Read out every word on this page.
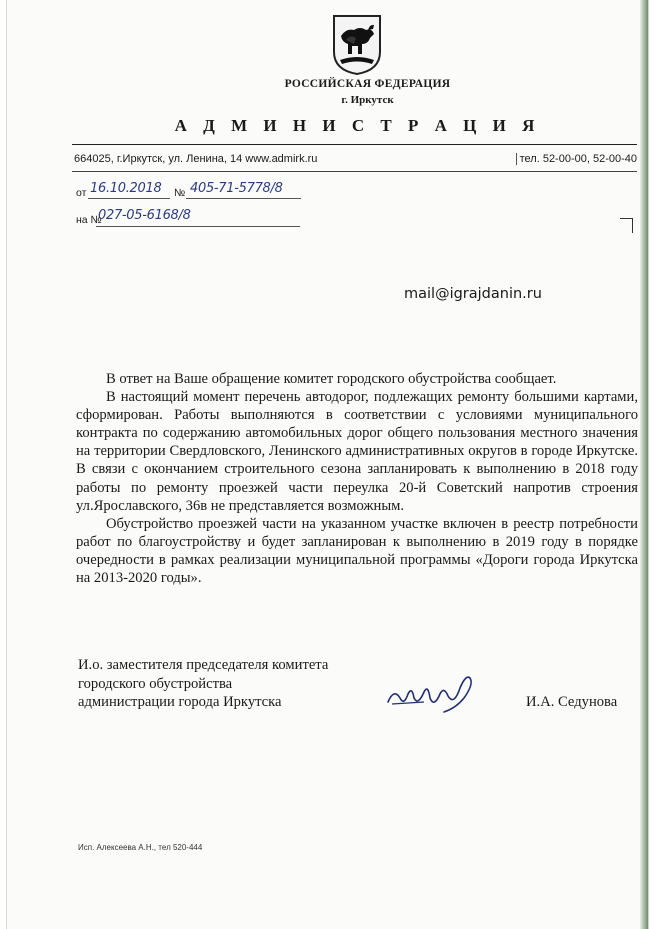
РОССИЙСКАЯ ФЕДЕРАЦИЯ
г. Иркутск
А Д М И Н И С Т Р А Ц И Я
664025, г.Иркутск, ул. Ленина, 14 www.admirk.ru	тел. 52-00-00, 52-00-40
от 16.10.2018 № 405-71-5778/8
на №
027-05-6168/8
mail@igrajdanin.ru

В ответ на Ваше обращение комитет городского обустройства сообщает.

В настоящий момент перечень автодорог, подлежащих ремонту большими картами, сформирован. Работы выполняются в соответствии с условиями муниципального контракта по содержанию автомобильных дорог общего пользования местного значения на территории Свердловского, Ленинского административных округов в городе Иркутске. В связи с окончанием строительного сезона запланировать к выполнению в 2018 году работы по ремонту проезжей части переулка 20-й Советский напротив строения ул.Ярославского, 36в не представляется возможным.

Обустройство проезжей части на указанном участке включен в реестр потребности работ по благоустройству и будет запланирован к выполнению в 2019 году в порядке очередности в рамках реализации муниципальной программы «Дороги города Иркутска на 2013-2020 годы».

И.о. заместителя председателя комитета
городского обустройства
администрации города Иркутска	И.А. Седунова
Исп. Алексеева А.Н., тел 520-444
